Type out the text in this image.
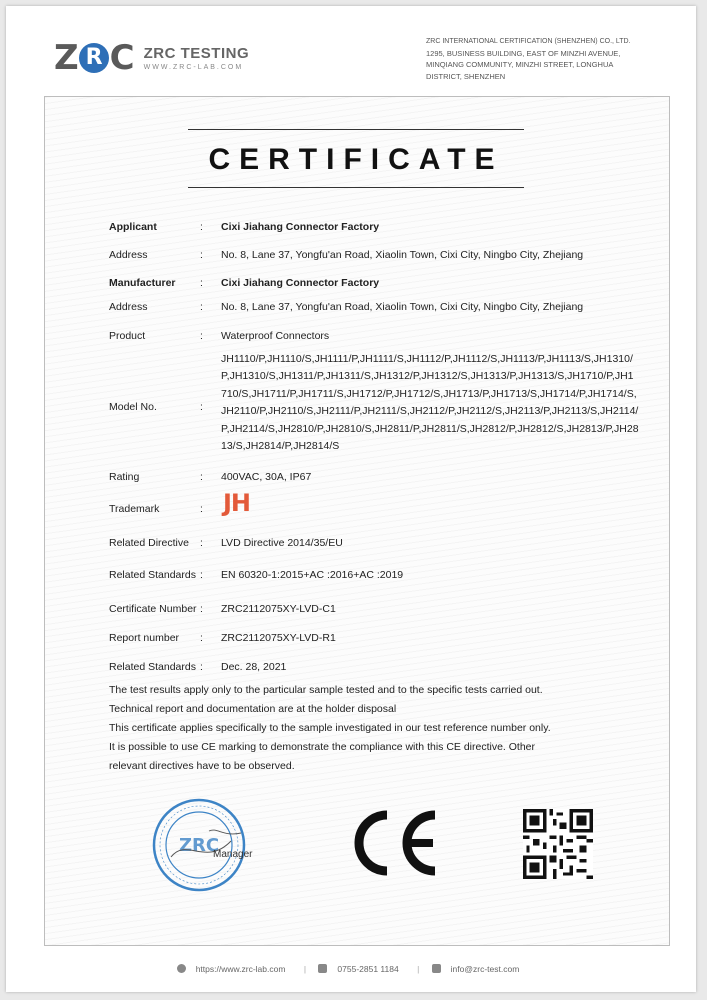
Z R C ZRC TESTING
WWW.ZRC-LAB.COM
ZRC INTERNATIONAL CERTIFICATION (SHENZHEN) CO., LTD.
1295, BUSINESS BUILDING, EAST OF MINZHI AVENUE,
MINQIANG COMMUNITY, MINZHI STREET, LONGHUA
DISTRICT, SHENZHEN
CERTIFICATE
Applicant	: Cixi Jiahang Connector Factory
Address	: No. 8, Lane 37, Yongfu'an Road, Xiaolin Town, Cixi City, Ningbo City, Zhejiang
Manufacturer	: Cixi Jiahang Connector Factory
Address	: No. 8, Lane 37, Yongfu'an Road, Xiaolin Town, Cixi City, Ningbo City, Zhejiang
Product	: Waterproof Connectors
Model No.	:
JH1110/P,JH1110/S,JH1111/P,JH1111/S,JH1112/P,JH1112/S,JH1113/P,JH1113/S,JH1310/P,JH1310/S,JH1311/P,JH1311/S,JH1312/P,JH1312/S,JH1313/P,JH1313/S,JH1710/P,JH1710/S,JH1711/P,JH1711/S,JH1712/P,JH1712/S,JH1713/P,JH1713/S,JH1714/P,JH1714/S,JH2110/P,JH2110/S,JH2111/P,JH2111/S,JH2112/P,JH2112/S,JH2113/P,JH2113/S,JH2114/P,JH2114/S,JH2810/P,JH2810/S,JH2811/P,JH2811/S,JH2812/P,JH2812/S,JH2813/P,JH2813/S,JH2814/P,JH2814/S
Rating	: 400VAC, 30A, IP67
Trademark	: JH
Related Directive	: LVD Directive 2014/35/EU
Related Standards : EN 60320-1:2015+AC :2016+AC :2019
Certificate Number : ZRC2112075XY-LVD-C1
Report number	: ZRC2112075XY-LVD-R1
Related Standards : Dec. 28, 2021
The test results apply only to the particular sample tested and to the specific tests carried out.
Technical report and documentation are at the holder disposal
This certificate applies specifically to the sample investigated in our test reference number only.
It is possible to use CE marking to demonstrate the compliance with this CE directive. Other
relevant directives have to be observed.
ZRC
Manager
https://www.zrc-lab.com |	0755-2851 1184 |	info@zrc-test.com
